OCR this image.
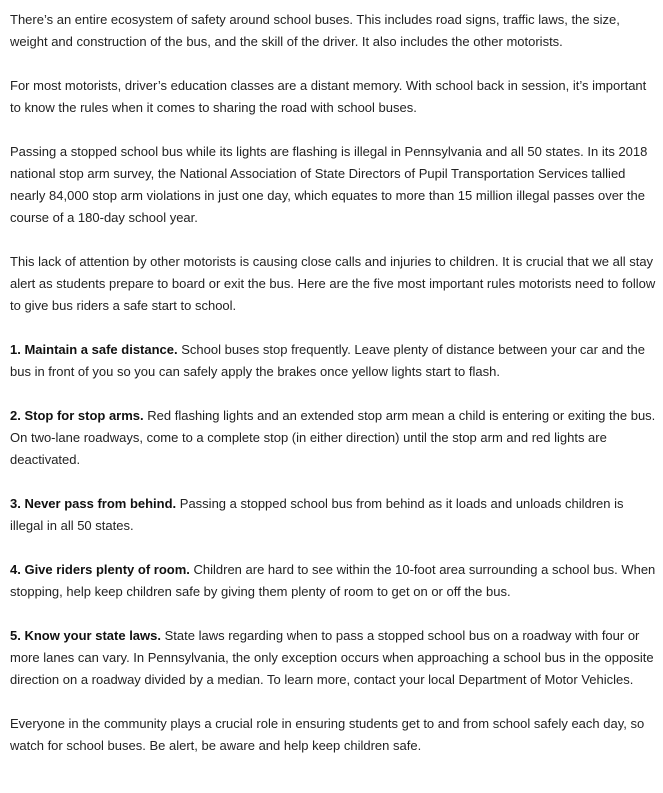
There’s an entire ecosystem of safety around school buses. This includes road signs, traffic laws, the size, weight and construction of the bus, and the skill of the driver. It also includes the other motorists.

For most motorists, driver’s education classes are a distant memory. With school back in session, it’s important to know the rules when it comes to sharing the road with school buses.

Passing a stopped school bus while its lights are flashing is illegal in Pennsylvania and all 50 states. In its 2018 national stop arm survey, the National Association of State Directors of Pupil Transportation Services tallied nearly 84,000 stop arm violations in just one day, which equates to more than 15 million illegal passes over the course of a 180-day school year.

This lack of attention by other motorists is causing close calls and injuries to children. It is crucial that we all stay alert as students prepare to board or exit the bus. Here are the five most important rules motorists need to follow to give bus riders a safe start to school.

1. Maintain a safe distance. School buses stop frequently. Leave plenty of distance between your car and the bus in front of you so you can safely apply the brakes once yellow lights start to flash.

2. Stop for stop arms. Red flashing lights and an extended stop arm mean a child is entering or exiting the bus. On two-lane roadways, come to a complete stop (in either direction) until the stop arm and red lights are deactivated.

3. Never pass from behind. Passing a stopped school bus from behind as it loads and unloads children is illegal in all 50 states.

4. Give riders plenty of room. Children are hard to see within the 10-foot area surrounding a school bus. When stopping, help keep children safe by giving them plenty of room to get on or off the bus.

5. Know your state laws. State laws regarding when to pass a stopped school bus on a roadway with four or more lanes can vary. In Pennsylvania, the only exception occurs when approaching a school bus in the opposite direction on a roadway divided by a median. To learn more, contact your local Department of Motor Vehicles.

Everyone in the community plays a crucial role in ensuring students get to and from school safely each day, so watch for school buses. Be alert, be aware and help keep children safe.
